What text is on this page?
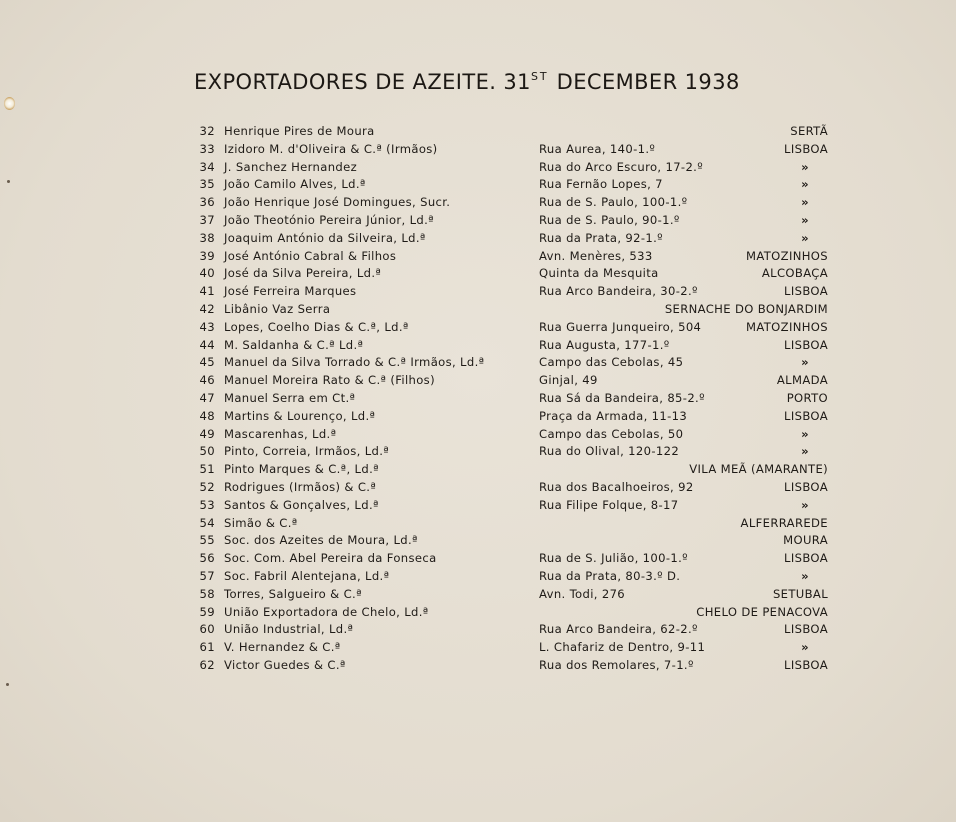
EXPORTADORES DE AZEITE. 31ST DECEMBER 1938
32 Henrique Pires de Moura	SERTÃ
33 Izidoro M. d'Oliveira & C.ª (Irmãos)	Rua Aurea, 140-1.º	LISBOA
34 J. Sanchez Hernandez	Rua do Arco Escuro, 17-2.º	»
35 João Camilo Alves, Ld.ª	Rua Fernão Lopes, 7	»
36 João Henrique José Domingues, Sucr.	Rua de S. Paulo, 100-1.º	»
37 João Theotónio Pereira Júnior, Ld.ª	Rua de S. Paulo, 90-1.º	»
38 Joaquim António da Silveira, Ld.ª	Rua da Prata, 92-1.º	»
39 José António Cabral & Filhos	Avn. Menères, 533	MATOZINHOS
40 José da Silva Pereira, Ld.ª	Quinta da Mesquita	ALCOBAÇA
41 José Ferreira Marques	Rua Arco Bandeira, 30-2.º	LISBOA
42 Libânio Vaz Serra	SERNACHE DO BONJARDIM
43 Lopes, Coelho Dias & C.ª, Ld.ª	Rua Guerra Junqueiro, 504	MATOZINHOS
44 M. Saldanha & C.ª Ld.ª	Rua Augusta, 177-1.º	LISBOA
45 Manuel da Silva Torrado & C.ª Irmãos, Ld.ª	Campo das Cebolas, 45	»
46 Manuel Moreira Rato & C.ª (Filhos)	Ginjal, 49	ALMADA
47 Manuel Serra em Ct.ª	Rua Sá da Bandeira, 85-2.º	PORTO
48 Martins & Lourenço, Ld.ª	Praça da Armada, 11-13	LISBOA
49 Mascarenhas, Ld.ª	Campo das Cebolas, 50	»
50 Pinto, Correia, Irmãos, Ld.ª	Rua do Olival, 120-122	»
51 Pinto Marques & C.ª, Ld.ª	VILA MEÃ (AMARANTE)
52 Rodrigues (Irmãos) & C.ª	Rua dos Bacalhoeiros, 92	LISBOA
53 Santos & Gonçalves, Ld.ª	Rua Filipe Folque, 8-17	»
54 Simão & C.ª	ALFERRAREDE
55 Soc. dos Azeites de Moura, Ld.ª	MOURA
56 Soc. Com. Abel Pereira da Fonseca	Rua de S. Julião, 100-1.º	LISBOA
57 Soc. Fabril Alentejana, Ld.ª	Rua da Prata, 80-3.º D.	»
58 Torres, Salgueiro & C.ª	Avn. Todi, 276	SETUBAL
59 União Exportadora de Chelo, Ld.ª	CHELO DE PENACOVA
60 União Industrial, Ld.ª	Rua Arco Bandeira, 62-2.º	LISBOA
61 V. Hernandez & C.ª	L. Chafariz de Dentro, 9-11	»
62 Victor Guedes & C.ª	Rua dos Remolares, 7-1.º	LISBOA
